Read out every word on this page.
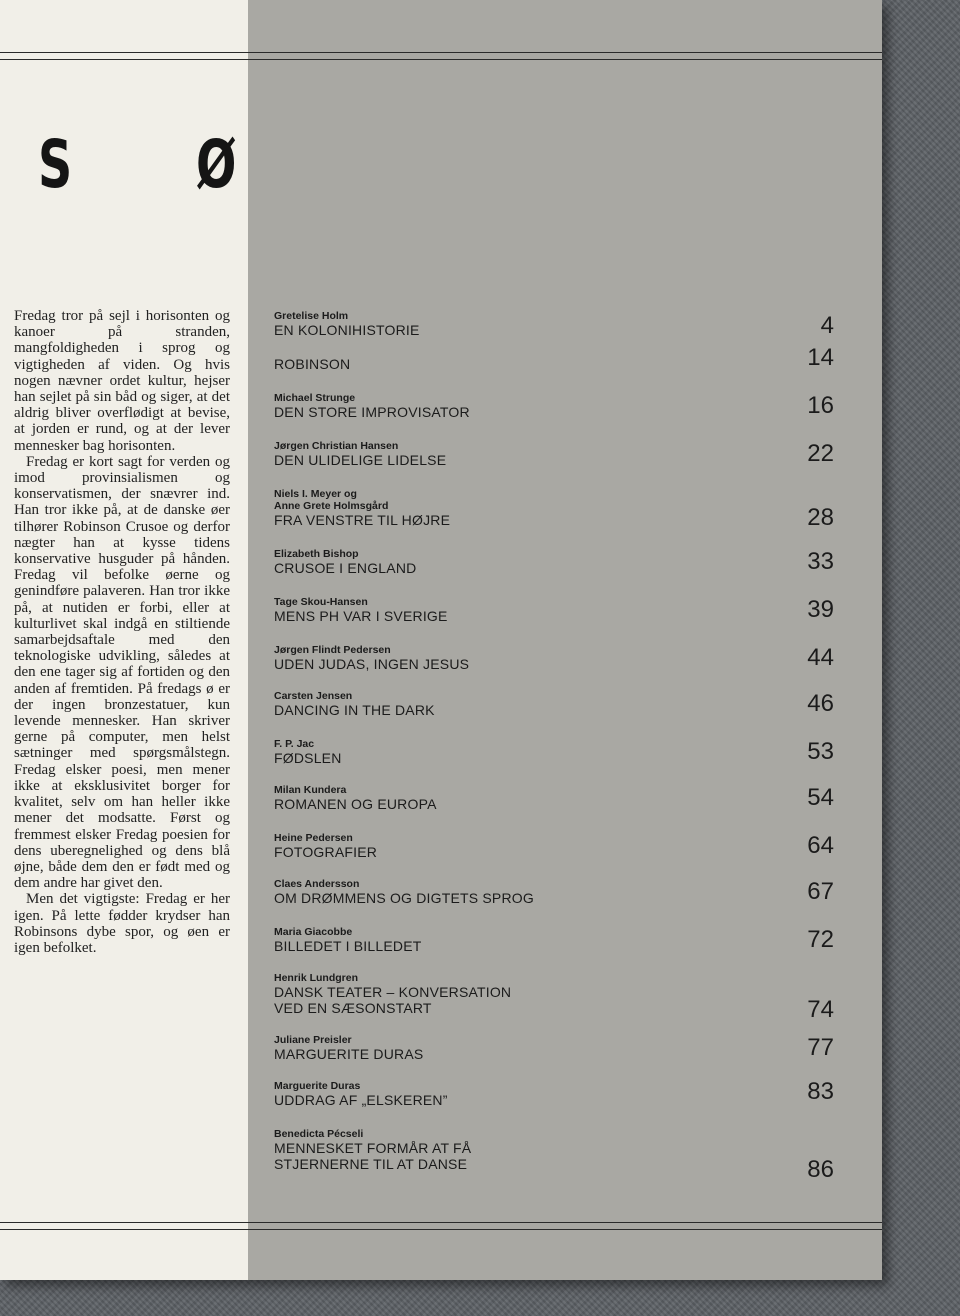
S Ø

Fredag tror på sejl i horisonten og kanoer på stranden, mangfoldigheden i sprog og vigtigheden af viden. Og hvis nogen nævner ordet kultur, hejser han sejlet på sin båd og siger, at det aldrig bliver overflødigt at bevise, at jorden er rund, og at der lever mennesker bag horisonten.

Fredag er kort sagt for verden og imod provinsialismen og konservatismen, der snævrer ind. Han tror ikke på, at de danske øer tilhører Robinson Crusoe og derfor nægter han at kysse tidens konservative husguder på hånden. Fredag vil befolke øerne og genindføre palaveren. Han tror ikke på, at nutiden er forbi, eller at kulturlivet skal indgå en stiltiende samarbejdsaftale med den teknologiske udvikling, således at den ene tager sig af fortiden og den anden af fremtiden. På fredags ø er der ingen bronzestatuer, kun levende mennesker. Han skriver gerne på computer, men helst sætninger med spørgsmålstegn. Fredag elsker poesi, men mener ikke at eksklusivitet borger for kvalitet, selv om han heller ikke mener det modsatte. Først og fremmest elsker Fredag poesien for dens uberegnelighed og dens blå øjne, både dem den er født med og dem andre har givet den.

Men det vigtigste: Fredag er her igen. På lette fødder krydser han Robinsons dybe spor, og øen er igen befolket.

Gretelise Holm
EN KOLONIHISTORIE	4
ROBINSON	14
Michael Strunge
DEN STORE IMPROVISATOR	16
Jørgen Christian Hansen
DEN ULIDELIGE LIDELSE	22
Niels I. Meyer og
Anne Grete Holmsgård
FRA VENSTRE TIL HØJRE	28
Elizabeth Bishop
CRUSOE I ENGLAND	33
Tage Skou-Hansen
MENS PH VAR I SVERIGE	39
Jørgen Flindt Pedersen
UDEN JUDAS, INGEN JESUS	44
Carsten Jensen
DANCING IN THE DARK	46
F. P. Jac
FØDSLEN	53
Milan Kundera
ROMANEN OG EUROPA	54
Heine Pedersen
FOTOGRAFIER	64
Claes Andersson
OM DRØMMENS OG DIGTETS SPROG	67
Maria Giacobbe
BILLEDET I BILLEDET	72
Henrik Lundgren
DANSK TEATER – KONVERSATION
VED EN SÆSONSTART	74
Juliane Preisler
MARGUERITE DURAS	77
Marguerite Duras
UDDRAG AF „ELSKEREN”	83
Benedicta Pécseli
MENNESKET FORMÅR AT FÅ
STJERNERNE TIL AT DANSE	86
